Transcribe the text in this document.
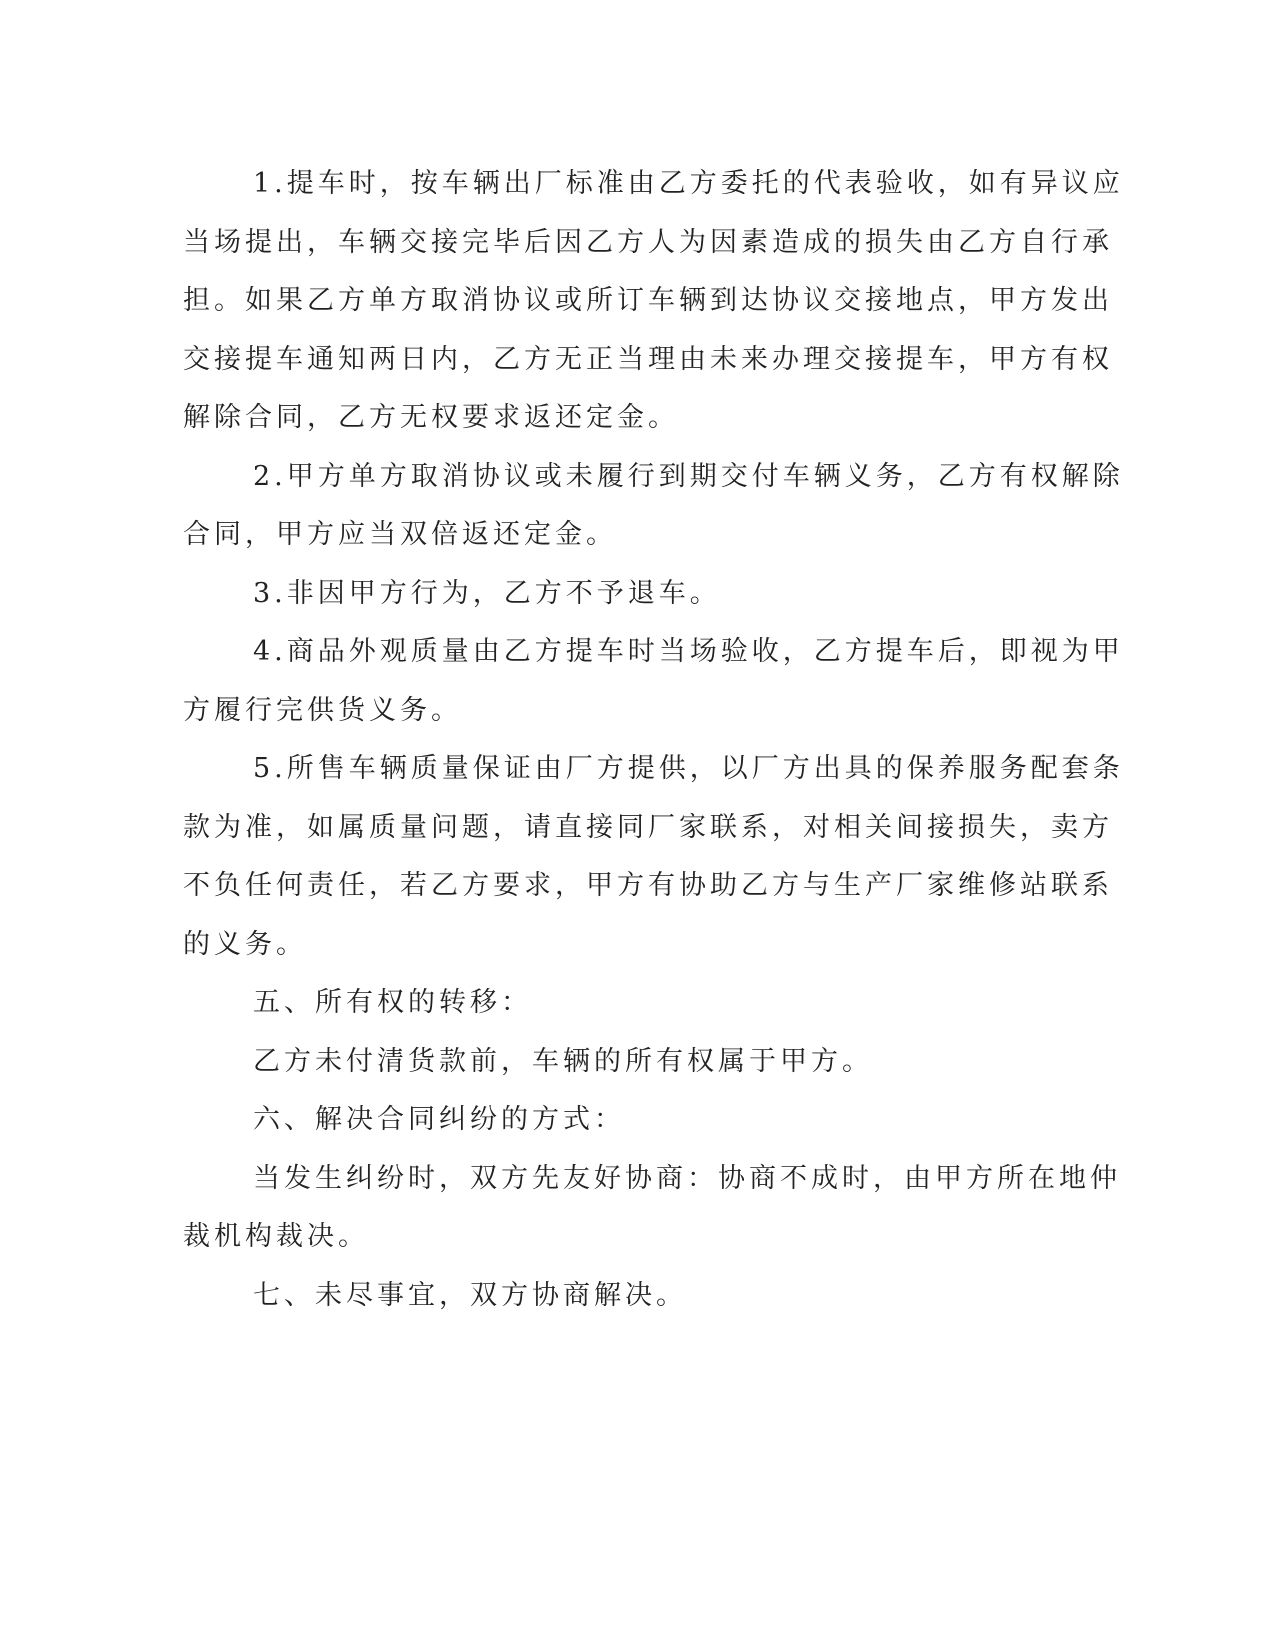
1.提车时，按车辆出厂标准由乙方委托的代表验收，如有异议应
当场提出，车辆交接完毕后因乙方人为因素造成的损失由乙方自行承
担。如果乙方单方取消协议或所订车辆到达协议交接地点，甲方发出
交接提车通知两日内，乙方无正当理由未来办理交接提车，甲方有权
解除合同，乙方无权要求返还定金。

2.甲方单方取消协议或未履行到期交付车辆义务，乙方有权解除
合同，甲方应当双倍返还定金。

3.非因甲方行为，乙方不予退车。

4.商品外观质量由乙方提车时当场验收，乙方提车后，即视为甲
方履行完供货义务。

5.所售车辆质量保证由厂方提供，以厂方出具的保养服务配套条
款为准，如属质量问题，请直接同厂家联系，对相关间接损失，卖方
不负任何责任，若乙方要求，甲方有协助乙方与生产厂家维修站联系
的义务。

五、所有权的转移：

乙方未付清货款前，车辆的所有权属于甲方。

六、解决合同纠纷的方式：

当发生纠纷时，双方先友好协商：协商不成时，由甲方所在地仲
裁机构裁决。

七、未尽事宜，双方协商解决。
